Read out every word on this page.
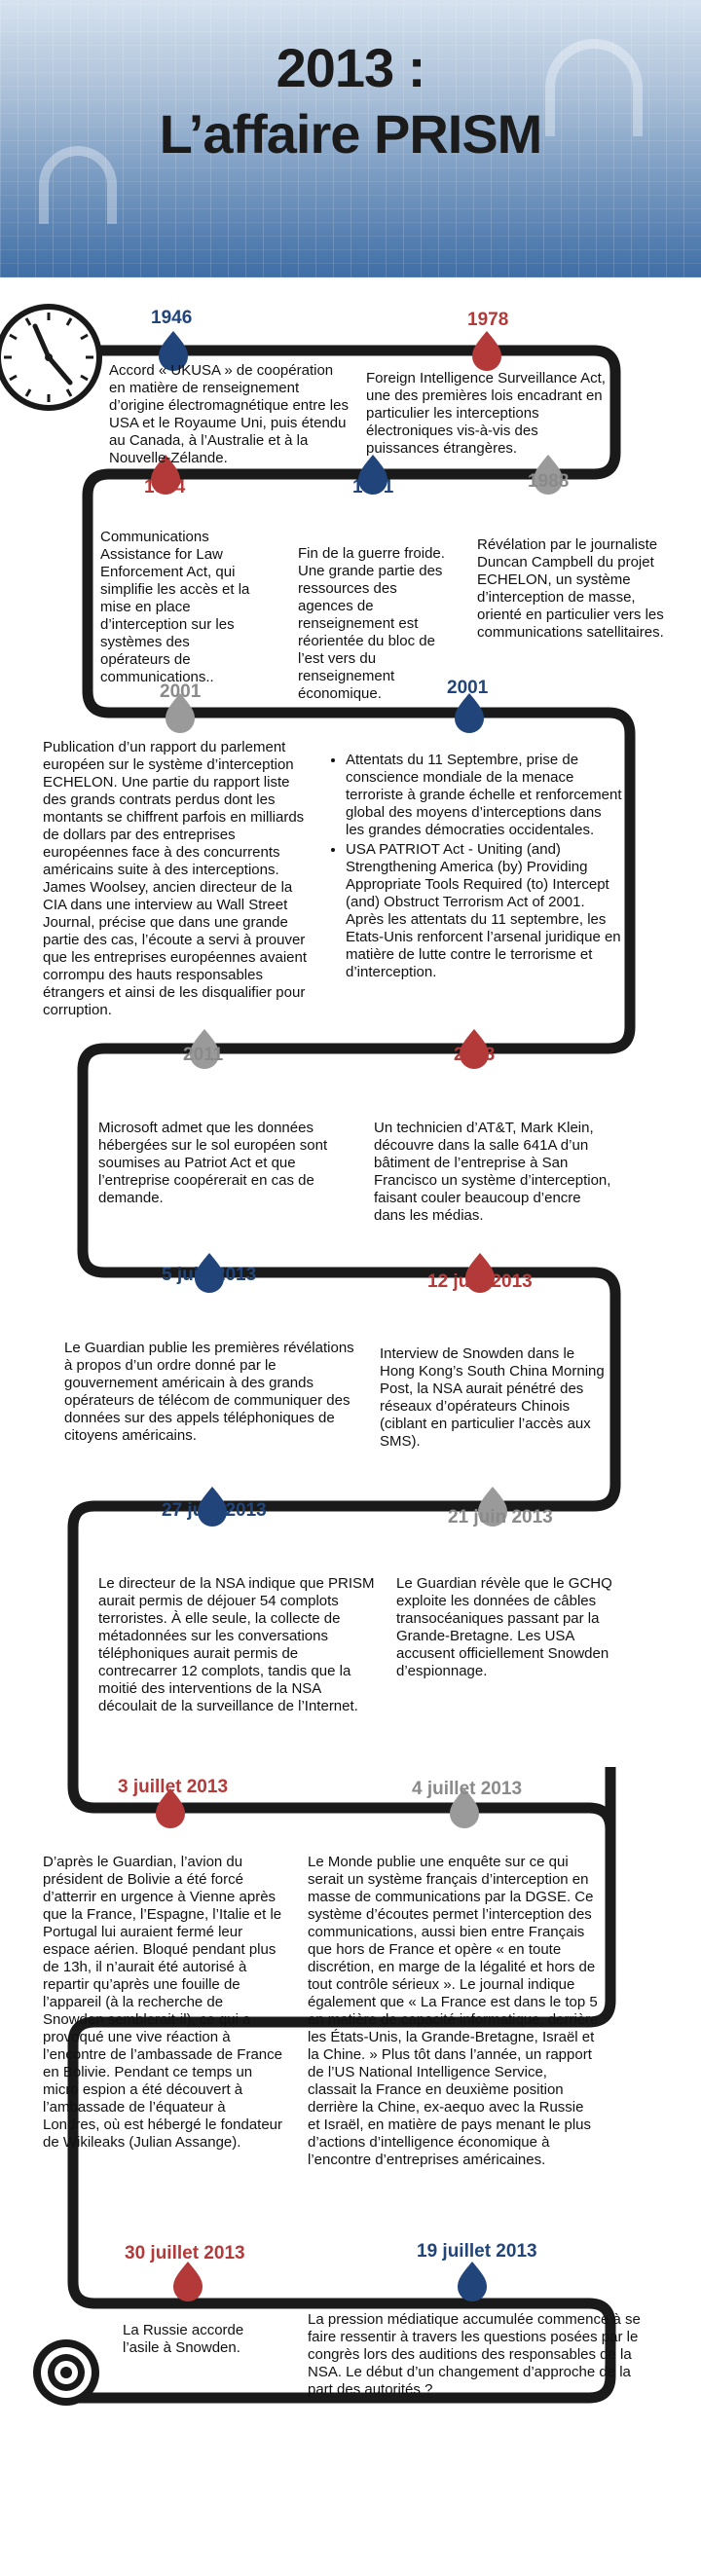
2013 :
L’affaire PRISM
1946	1978
1994	1991	1988
2001	2001
2011	2003
5 juin 2013	12 juin 2013
27 juin 2013	21 juin 2013
3 juillet 2013	4 juillet 2013
30 juillet 2013	19 juillet 2013
Accord « UKUSA » de coopération en matière de renseignement d’origine électromagnétique entre les USA et le Royaume Uni, puis étendu au Canada, à l’Australie et à la Nouvelle-Zélande.
Foreign Intelligence Surveillance Act, une des premières lois encadrant en particulier les interceptions électroniques vis-à-vis des puissances étrangères.
Communications Assistance for Law Enforcement Act, qui simplifie les accès et la mise en place d’interception sur les systèmes des opérateurs de communications..
Fin de la guerre froide. Une grande partie des ressources des agences de renseignement est réorientée du bloc de l’est vers du renseignement économique.
Révélation par le journaliste Duncan Campbell du projet ECHELON, un système d’interception de masse, orienté en particulier vers les communications satellitaires.
Publication d’un rapport du parlement européen sur le système d’interception ECHELON. Une partie du rapport liste des grands contrats perdus dont les montants se chiffrent parfois en milliards de dollars par des entreprises européennes face à des concurrents américains suite à des interceptions. James Woolsey, ancien directeur de la CIA dans une interview au Wall Street Journal, précise que dans une grande partie des cas, l’écoute a servi à prouver que les entreprises européennes avaient corrompu des hauts responsables étrangers et ainsi de les disqualifier pour corruption.
• Attentats du 11 Septembre, prise de conscience mondiale de la menace terroriste à grande échelle et renforcement global des moyens d’interceptions dans les grandes démocraties occidentales.
• USA PATRIOT Act - Uniting (and) Strengthening America (by) Providing Appropriate Tools Required (to) Intercept (and) Obstruct Terrorism Act of 2001. Après les attentats du 11 septembre, les Etats-Unis renforcent l’arsenal juridique en matière de lutte contre le terrorisme et d’interception.
Microsoft admet que les données hébergées sur le sol européen sont soumises au Patriot Act et que l’entreprise coopérerait en cas de demande.
Un technicien d’AT&T, Mark Klein, découvre dans la salle 641A d’un bâtiment de l’entreprise à San Francisco un système d’interception, faisant couler beaucoup d’encre dans les médias.
Le Guardian publie les premières révélations à propos d’un ordre donné par le gouvernement américain à des grands opérateurs de télécom de communiquer des données sur des appels téléphoniques de citoyens américains.
Interview de Snowden dans le Hong Kong’s South China Morning Post, la NSA aurait pénétré des réseaux d’opérateurs Chinois (ciblant en particulier l’accès aux SMS).
Le directeur de la NSA indique que PRISM aurait permis de déjouer 54 complots terroristes. À elle seule, la collecte de métadonnées sur les conversations téléphoniques aurait permis de contrecarrer 12 complots, tandis que la moitié des interventions de la NSA découlait de la surveillance de l’Internet.
Le Guardian révèle que le GCHQ exploite les données de câbles transocéaniques passant par la Grande-Bretagne. Les USA accusent officiellement Snowden d’espionnage.
D’après le Guardian, l’avion du président de Bolivie a été forcé d’atterrir en urgence à Vienne après que la France, l’Espagne, l’Italie et le Portugal lui auraient fermé leur espace aérien. Bloqué pendant plus de 13h, il n’aurait été autorisé à repartir qu’après une fouille de l’appareil (à la recherche de Snowden semblerait-il), ce qui a provoqué une vive réaction à l’encontre de l’ambassade de France en Bolivie. Pendant ce temps un micro espion a été découvert à l’ambassade de l’équateur à Londres, où est hébergé le fondateur de Wikileaks (Julian Assange).
Le Monde publie une enquête sur ce qui serait un système français d’interception en masse de communications par la DGSE. Ce système d’écoutes permet l’interception des communications, aussi bien entre Français que hors de France et opère « en toute discrétion, en marge de la légalité et hors de tout contrôle sérieux ». Le journal indique également que « La France est dans le top 5 en matière de capacité informatique, derrière les États-Unis, la Grande-Bretagne, Israël et la Chine. » Plus tôt dans l’année, un rapport de l’US National Intelligence Service, classait la France en deuxième position derrière la Chine, ex-aequo avec la Russie et Israël, en matière de pays menant le plus d’actions d’intelligence économique à l’encontre d’entreprises américaines.
La Russie accorde l’asile à Snowden.
La pression médiatique accumulée commence à se faire ressentir à travers les questions posées par le congrès lors des auditions des responsables de la NSA. Le début d’un changement d’approche de la part des autorités ?
